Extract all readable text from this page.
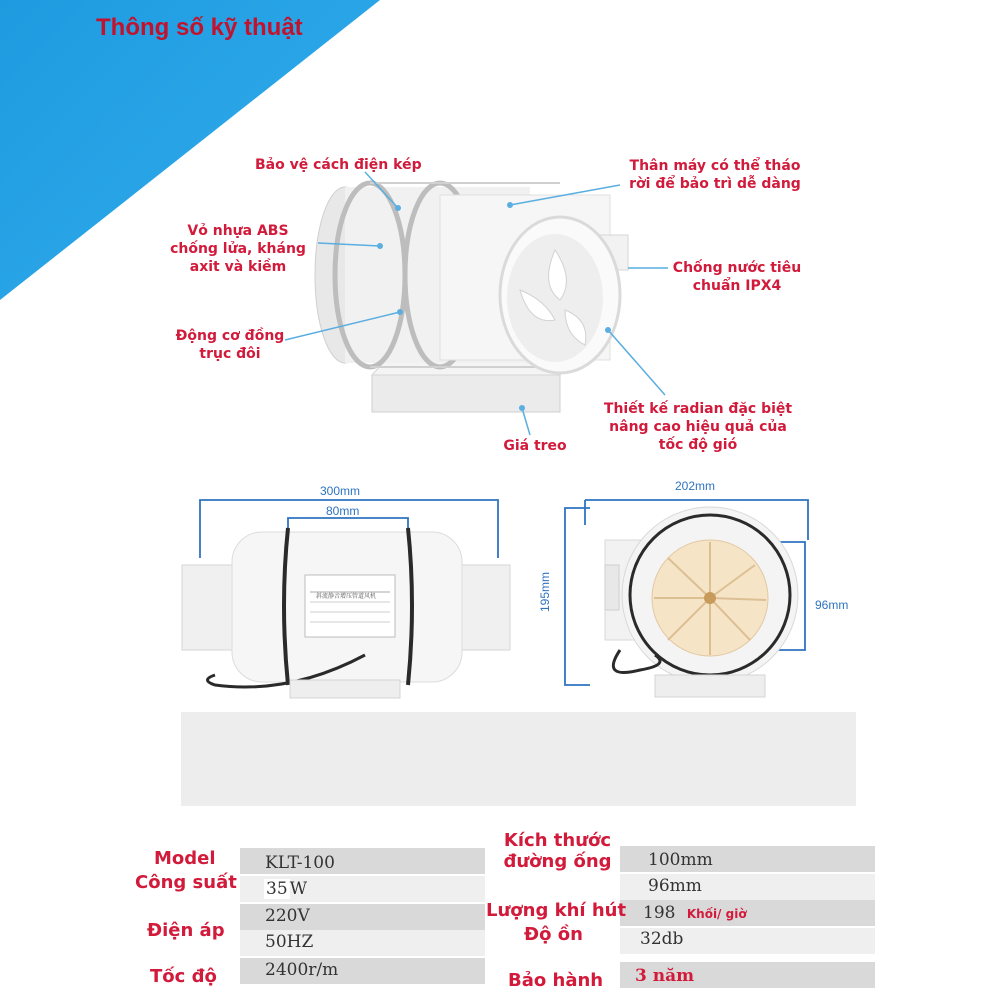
Thông số kỹ thuật
Bảo vệ cách điện kép
Vỏ nhựa ABS
chống lửa, kháng
axit và kiềm
Động cơ đồng
trục đôi
Thân máy có thể tháo
rời để bảo trì dễ dàng
Chống nước tiêu
chuẩn IPX4
Thiết kế radian đặc biệt
nâng cao hiệu quả của
tốc độ gió
Giá treo
300mm
80mm
斜流静音增压管道风机
202mm
195mm	96mm
Model
Công suất
Điện áp
Tốc độ
KLT-100
35 W
220V
50HZ
2400r/m
Kích thước
đường ống
Lượng khí hút
Độ ồn
Bảo hành
100mm
96mm
198 Khối/ giờ
32db
3 năm
